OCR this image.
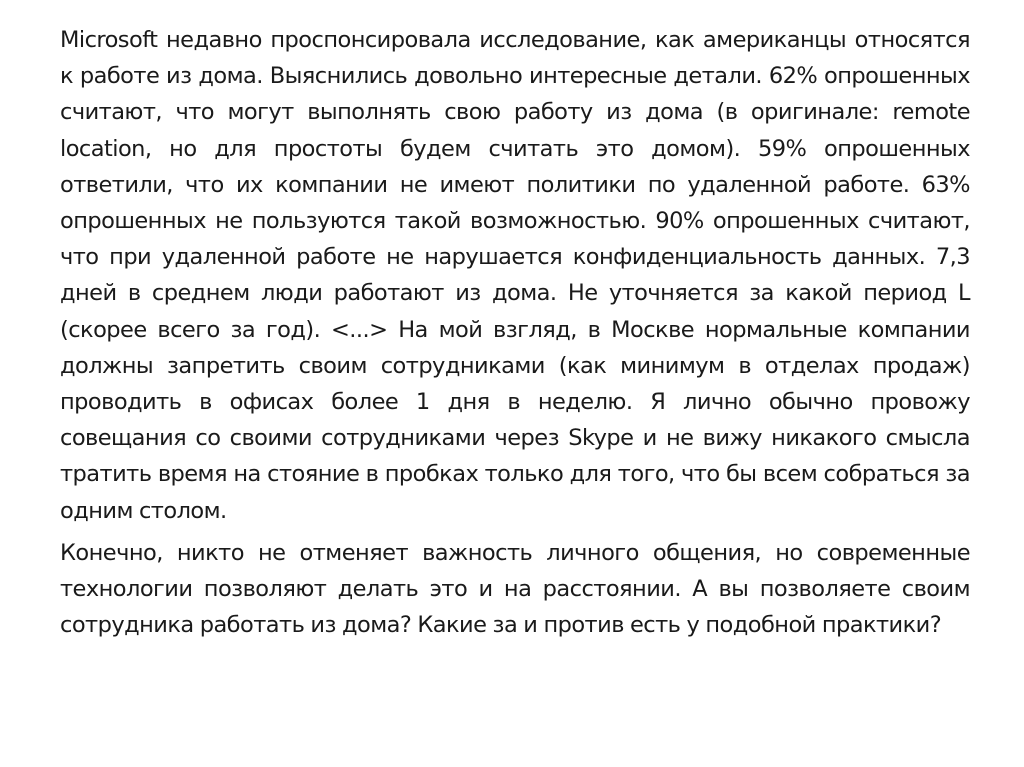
Microsoft недавно проспонсировала исследование, как американцы относятся к работе из дома. Выяснились довольно интересные детали. 62% опрошенных считают, что могут выполнять свою работу из дома (в оригинале: remote location, но для простоты будем считать это домом). 59% опрошенных ответили, что их компании не имеют политики по удаленной работе. 63% опрошенных не пользуются такой возможностью. 90% опрошенных считают, что при удаленной работе не нарушается конфиденциальность данных. 7,3 дней в среднем люди работают из дома. Не уточняется за какой период L (скорее всего за год). <...> На мой взгляд, в Москве нормальные компании должны запретить своим сотрудниками (как минимум в отделах продаж) проводить в офисах более 1 дня в неделю. Я лично обычно провожу совещания со своими сотрудниками через Skype и не вижу никакого смысла тратить время на стояние в пробках только для того, что бы всем собраться за одним столом.

Конечно, никто не отменяет важность личного общения, но современные технологии позволяют делать это и на расстоянии. А вы позволяете своим сотрудника работать из дома? Какие за и против есть у подобной практики?
